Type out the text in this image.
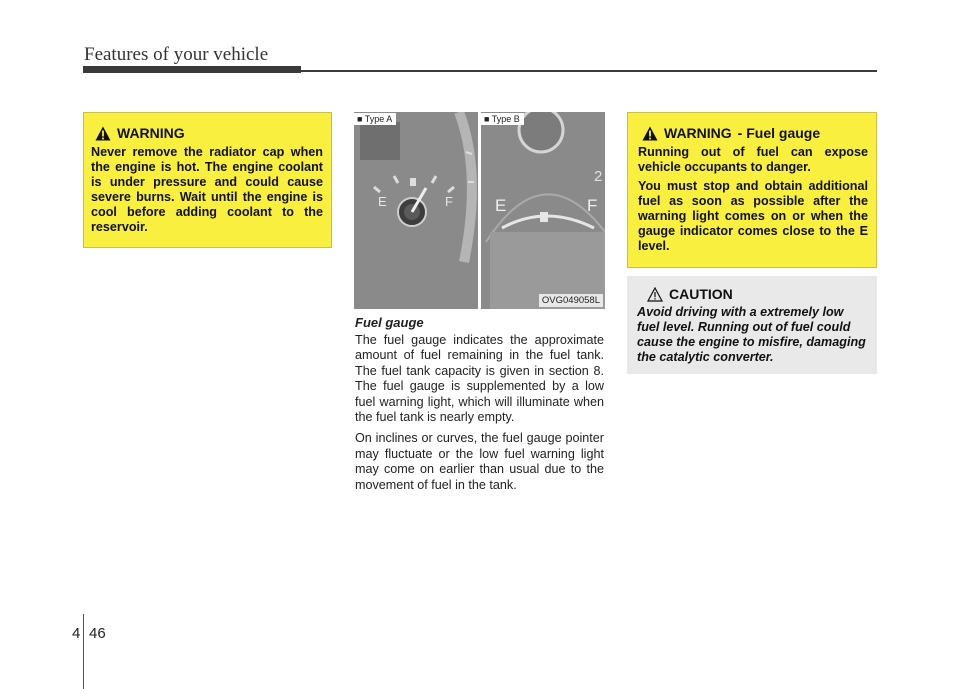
Features of your vehicle
WARNING

Never remove the radiator cap when the engine is hot. The engine coolant is under pressure and could cause severe burns. Wait until the engine is cool before adding coolant to the reservoir.

E	F E	F
2
■ Type A	■ Type B
OVG049058L

Fuel gauge

The fuel gauge indicates the approximate amount of fuel remaining in the fuel tank. The fuel tank capacity is given in section 8. The fuel gauge is supplemented by a low fuel warning light, which will illuminate when the fuel tank is nearly empty.

On inclines or curves, the fuel gauge pointer may fluctuate or the low fuel warning light may come on earlier than usual due to the movement of fuel in the tank.

WARNING - Fuel gauge

Running out of fuel can expose vehicle occupants to danger.

You must stop and obtain additional fuel as soon as possible after the warning light comes on or when the gauge indicator comes close to the E level.

CAUTION

Avoid driving with a extremely low fuel level. Running out of fuel could cause the engine to misfire, damaging the catalytic converter.

4 46
